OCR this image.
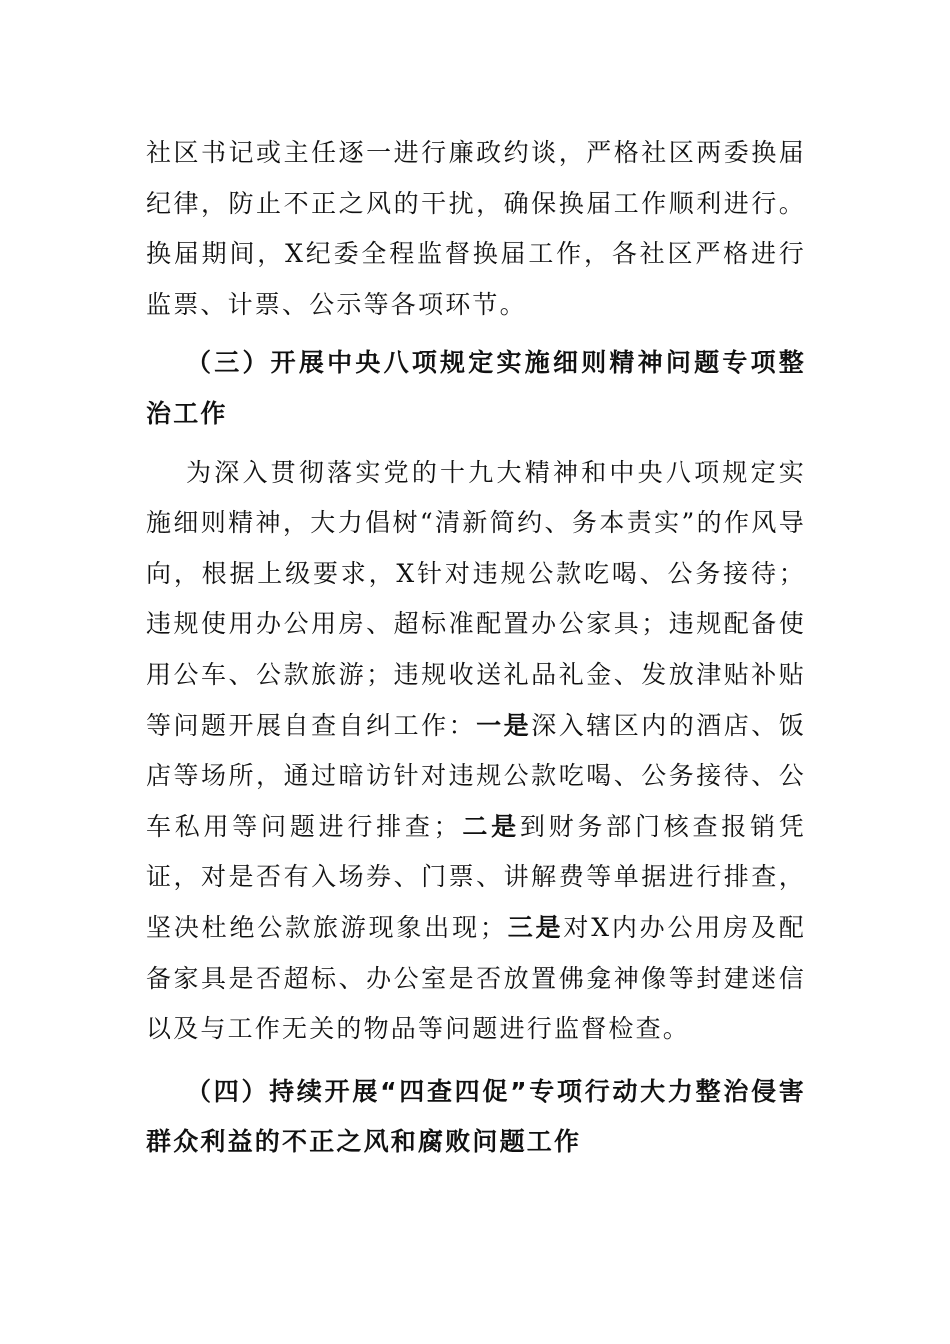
社区书记或主任逐一进行廉政约谈，严格社区两委换届纪律，防止不正之风的干扰，确保换届工作顺利进行。换届期间，X纪委全程监督换届工作，各社区严格进行监票、计票、公示等各项环节。

（三）开展中央八项规定实施细则精神问题专项整治工作

为深入贯彻落实党的十九大精神和中央八项规定实施细则精神，大力倡树“清新简约、务本责实”的作风导向，根据上级要求，X针对违规公款吃喝、公务接待；违规使用办公用房、超标准配置办公家具；违规配备使用公车、公款旅游；违规收送礼品礼金、发放津贴补贴等问题开展自查自纠工作：一是深入辖区内的酒店、饭店等场所，通过暗访针对违规公款吃喝、公务接待、公车私用等问题进行排查；二是到财务部门核查报销凭证，对是否有入场券、门票、讲解费等单据进行排查，坚决杜绝公款旅游现象出现；三是对X内办公用房及配备家具是否超标、办公室是否放置佛龛神像等封建迷信以及与工作无关的物品等问题进行监督检查。

（四）持续开展“四查四促”专项行动大力整治侵害群众利益的不正之风和腐败问题工作
